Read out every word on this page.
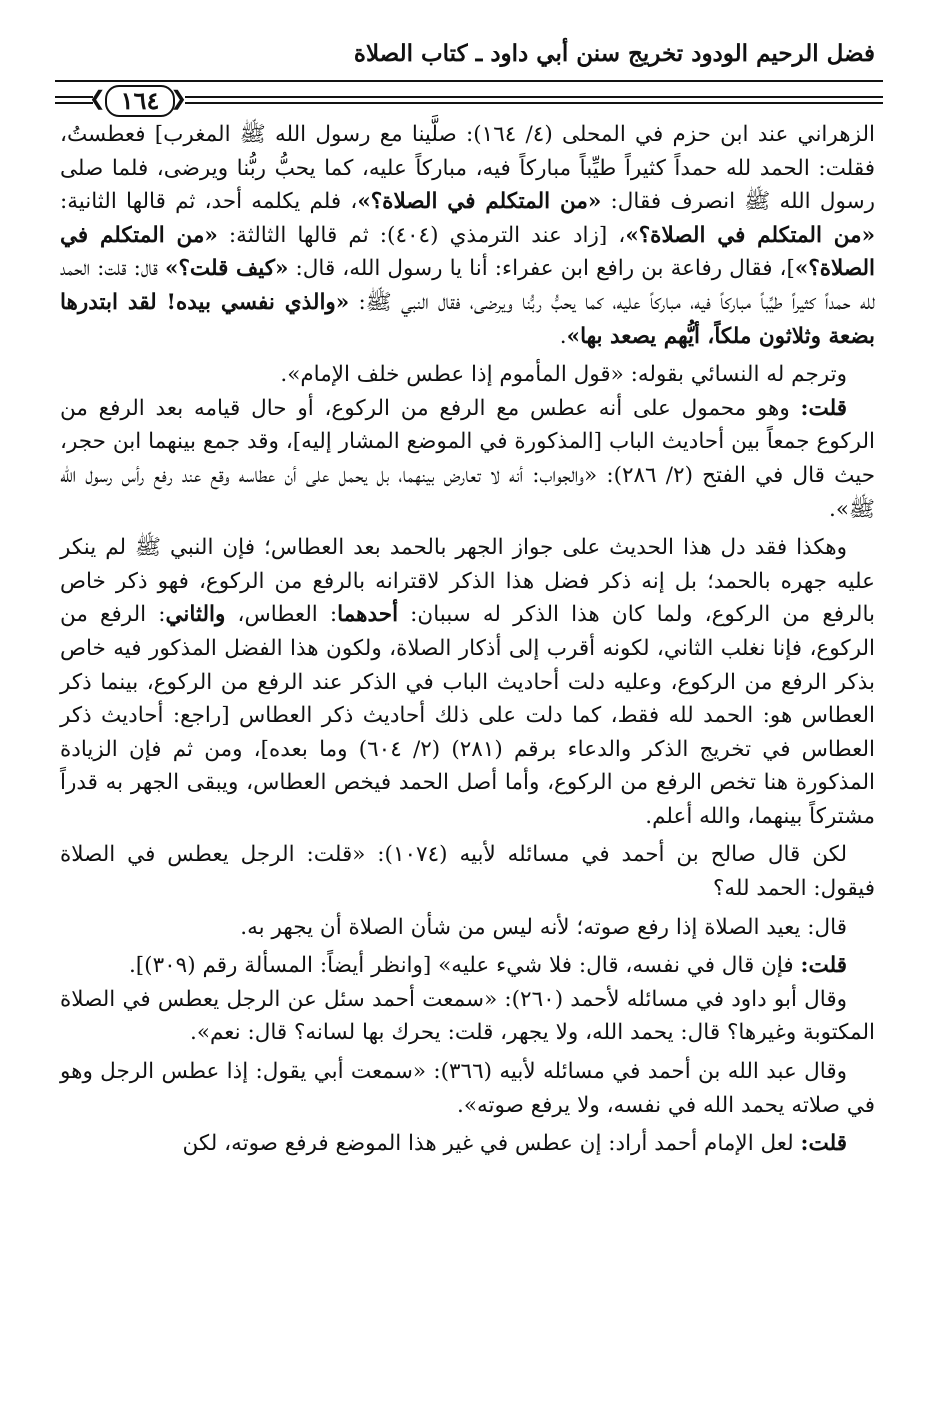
فضل الرحيم الودود تخريج سنن أبي داود ـ كتاب الصلاة
❮
١٦٤
❯

الزهراني عند ابن حزم في المحلى (٤/ ١٦٤): صلَّينا مع رسول الله ﷺ المغرب] فعطستُ، فقلت: الحمد لله حمداً كثيراً طيِّباً مباركاً فيه، مباركاً عليه، كما يحبُّ ربُّنا ويرضى، فلما صلى رسول الله ﷺ انصرف فقال: «من المتكلم في الصلاة؟»، فلم يكلمه أحد، ثم قالها الثانية: «من المتكلم في الصلاة؟»، [زاد عند الترمذي (٤٠٤): ثم قالها الثالثة: «من المتكلم في الصلاة؟»]، فقال رفاعة بن رافع ابن عفراء: أنا يا رسول الله، قال: «كيف قلت؟» قال: قلت: الحمد لله حمداً كثيراً طيِّباً مباركاً فيه، مباركاً عليه، كما يحبُّ ربُّنا ويرضى، فقال النبي ﷺ: «والذي نفسي بيده! لقد ابتدرها بضعة وثلاثون ملكاً، أيُّهم يصعد بها».

وترجم له النسائي بقوله: «قول المأموم إذا عطس خلف الإمام».

قلت: وهو محمول على أنه عطس مع الرفع من الركوع، أو حال قيامه بعد الرفع من الركوع جمعاً بين أحاديث الباب [المذكورة في الموضع المشار إليه]، وقد جمع بينهما ابن حجر، حيث قال في الفتح (٢/ ٢٨٦): «والجواب: أنه لا تعارض بينهما، بل يحمل على أن عطاسه وقع عند رفع رأس رسول الله ﷺ».

وهكذا فقد دل هذا الحديث على جواز الجهر بالحمد بعد العطاس؛ فإن النبي ﷺ لم ينكر عليه جهره بالحمد؛ بل إنه ذكر فضل هذا الذكر لاقترانه بالرفع من الركوع، فهو ذكر خاص بالرفع من الركوع، ولما كان هذا الذكر له سببان: أحدهما: العطاس، والثاني: الرفع من الركوع، فإنا نغلب الثاني، لكونه أقرب إلى أذكار الصلاة، ولكون هذا الفضل المذكور فيه خاص بذكر الرفع من الركوع، وعليه دلت أحاديث الباب في الذكر عند الرفع من الركوع، بينما ذكر العطاس هو: الحمد لله فقط، كما دلت على ذلك أحاديث ذكر العطاس [راجع: أحاديث ذكر العطاس في تخريج الذكر والدعاء برقم (٢٨١) (٢/ ٦٠٤) وما بعده]، ومن ثم فإن الزيادة المذكورة هنا تخص الرفع من الركوع، وأما أصل الحمد فيخص العطاس، ويبقى الجهر به قدراً مشتركاً بينهما، والله أعلم.

لكن قال صالح بن أحمد في مسائله لأبيه (١٠٧٤): «قلت: الرجل يعطس في الصلاة فيقول: الحمد لله؟

قال: يعيد الصلاة إذا رفع صوته؛ لأنه ليس من شأن الصلاة أن يجهر به.

قلت: فإن قال في نفسه، قال: فلا شيء عليه» [وانظر أيضاً: المسألة رقم (٣٠٩)].

وقال أبو داود في مسائله لأحمد (٢٦٠): «سمعت أحمد سئل عن الرجل يعطس في الصلاة المكتوبة وغيرها؟ قال: يحمد الله، ولا يجهر، قلت: يحرك بها لسانه؟ قال: نعم».

وقال عبد الله بن أحمد في مسائله لأبيه (٣٦٦): «سمعت أبي يقول: إذا عطس الرجل وهو في صلاته يحمد الله في نفسه، ولا يرفع صوته».

قلت: لعل الإمام أحمد أراد: إن عطس في غير هذا الموضع فرفع صوته، لكن
